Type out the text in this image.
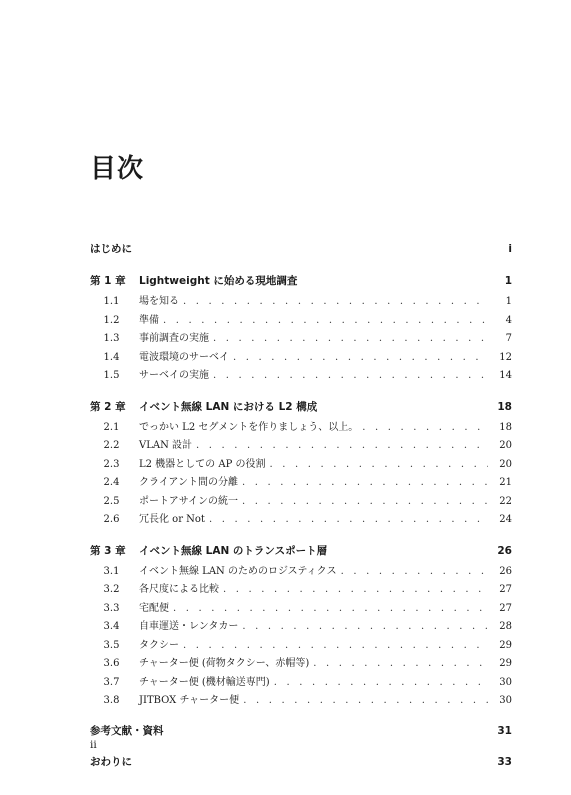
目次
はじめに	i
第 1 章	Lightweight に始める現地調査	1
1.1	場を知る . . .	1
1.2	準備 . . .	4
1.3	事前調査の実施 . . .	7
1.4	電波環境のサーベイ . . .	12
1.5	サーベイの実施 . . .	14
第 2 章	イベント無線 LAN における L2 構成	18
2.1	でっかい L2 セグメントを作りましょう、以上。 . . .	18
2.2	VLAN 設計 . . .	20
2.3	L2 機器としての AP の役割 . . .	20
2.4	クライアント間の分離 . . .	21
2.5	ポートアサインの統一 . . .	22
2.6	冗長化 or Not . . .	24
第 3 章	イベント無線 LAN のトランスポート層	26
3.1	イベント無線 LAN のためのロジスティクス . . .	26
3.2	各尺度による比較 . . .	27
3.3	宅配便 . . .	27
3.4	自車運送・レンタカー . . .	28
3.5	タクシー . . .	29
3.6	チャーター便 (荷物タクシー、赤帽等) . . .	29
3.7	チャーター便 (機材輸送専門) . . .	30
3.8	JITBOX チャーター便 . . .	30
参考文献・資料	31
おわりに	33
ii
